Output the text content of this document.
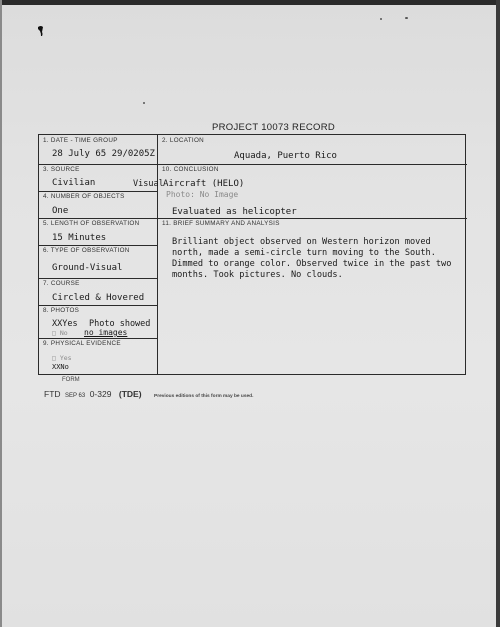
PROJECT 10073 RECORD
1. DATE - TIME GROUP
28 July 65 29/0205Z
2. LOCATION
Aquada, Puerto Rico
3. SOURCE
Civilian	Visual
10. CONCLUSION
Aircraft (HELO)
Photo: No Image
Evaluated as helicopter
4. NUMBER OF OBJECTS
One
5. LENGTH OF OBSERVATION
15 Minutes
11. BRIEF SUMMARY AND ANALYSIS
Brilliant object observed on Western horizon moved north, made a semi-circle turn moving to the South. Dimmed to orange color. Observed twice in the past two months. Took pictures. No clouds.
6. TYPE OF OBSERVATION
Ground-Visual
7. COURSE
Circled & Hovered
8. PHOTOS
XXYes Photo showed
□ No no images
9. PHYSICAL EVIDENCE
□ Yes
XXNo
FORM
FTD SEP 63 0-329 (TDE)	Previous editions of this form may be used.
